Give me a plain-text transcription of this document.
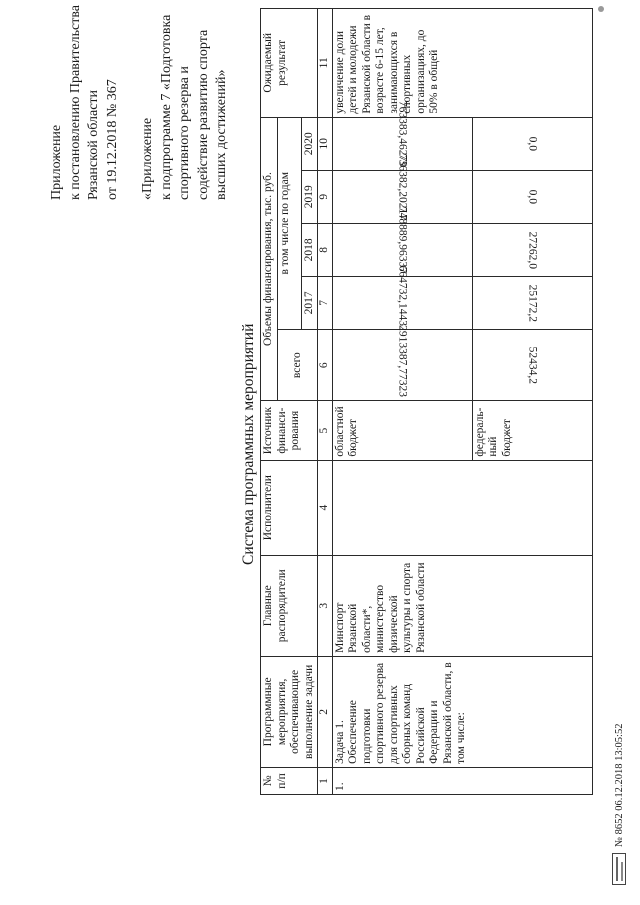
Приложение к постановлению Правительства Рязанской области от 19.12.2018 № 367 «Приложение к подпрограмме 7 «Подготовка спортивного резерва и содействие развитию спорта высших достижений»
Система программных мероприятий
№ п/п	Программные мероприятия, обеспечивающие выполнение задачи	Главные распорядители	Исполнители	Источник финанси-рования	Объемы финансирования, тыс. руб.					Ожидаемый результат
					всего	в том числе по годам				
						2017	2018	2019	2020	
1	2	3	4	5	6	7	8	9	10	11
1.	Задача 1. Обеспечение подготовки спортивного резерва для спортивных сборных команд Российской Федерации и Рязанской области, в том числе:	Минспорт Рязанской области*, министерство физической культуры и спорта Рязанской области		областной бюджет	2913387,77323	664732,1443	748889,96337	736382,20217	763383,46279	увеличение доли детей и молодежи Рязанской области в возрасте 6-15 лет, занимающихся в спортивных организациях, до 50% в общей
				федераль-ный бюджет	52434,2	25172,2	27262,0	0,0	0,0	
№ 8652 06.12.2018 13:05:52
